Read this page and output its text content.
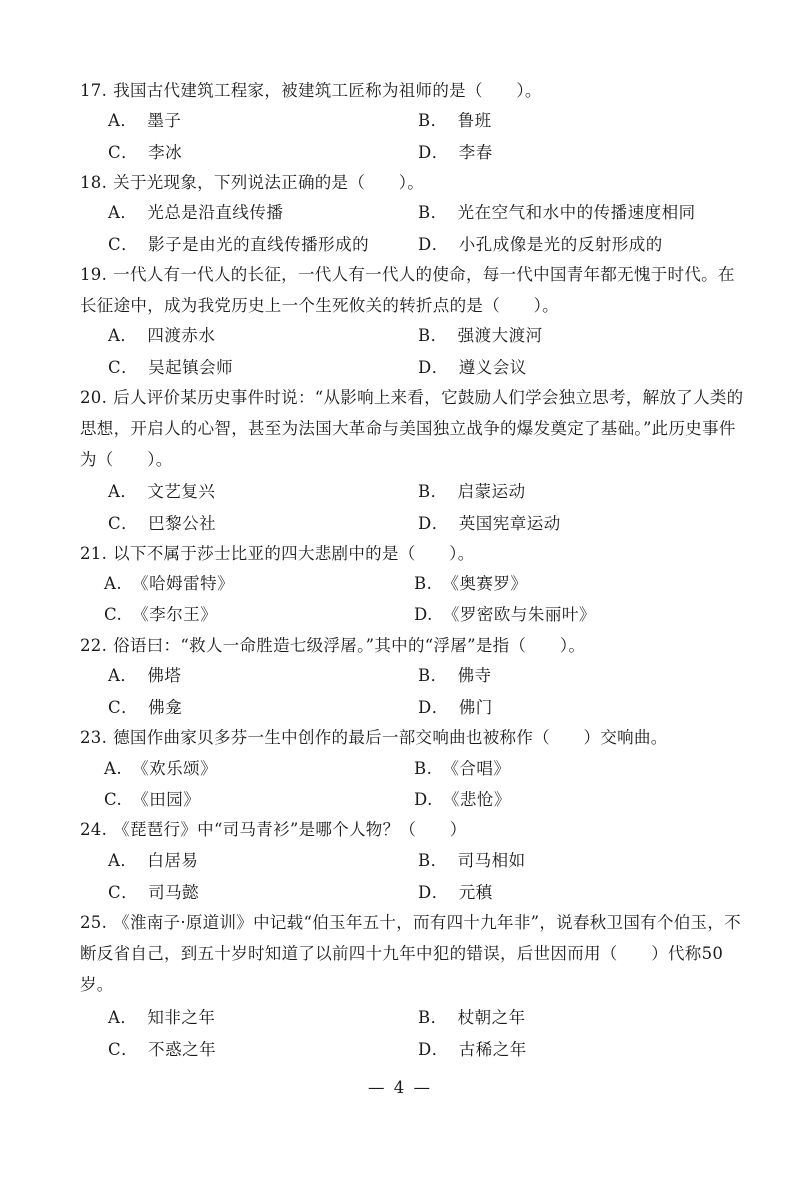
17. 我国古代建筑工程家，被建筑工匠称为祖师的是（　　）。
A． 墨子	B． 鲁班
C． 李冰	D． 李春
18. 关于光现象，下列说法正确的是（　　）。
A． 光总是沿直线传播	B． 光在空气和水中的传播速度相同
C． 影子是由光的直线传播形成的	D． 小孔成像是光的反射形成的
19. 一代人有一代人的长征，一代人有一代人的使命，每一代中国青年都无愧于时代。在长征途中，成为我党历史上一个生死攸关的转折点的是（　　）。
A． 四渡赤水	B． 强渡大渡河
C． 吴起镇会师	D． 遵义会议
20. 后人评价某历史事件时说：“从影响上来看，它鼓励人们学会独立思考，解放了人类的思想，开启人的心智，甚至为法国大革命与美国独立战争的爆发奠定了基础。”此历史事件为（　　）。
A． 文艺复兴	B． 启蒙运动
C． 巴黎公社	D． 英国宪章运动
21. 以下不属于莎士比亚的四大悲剧中的是（　　）。
A. 《哈姆雷特》	B. 《奥赛罗》
C. 《李尔王》	D. 《罗密欧与朱丽叶》
22. 俗语曰：“救人一命胜造七级浮屠。”其中的“浮屠”是指（　　）。
A． 佛塔	B． 佛寺
C． 佛龛	D． 佛门
23. 德国作曲家贝多芬一生中创作的最后一部交响曲也被称作（　　）交响曲。
A. 《欢乐颂》	B. 《合唱》
C. 《田园》	D. 《悲怆》
24. 《琵琶行》中“司马青衫”是哪个人物？（　　）
A． 白居易	B． 司马相如
C． 司马懿	D． 元稹
25. 《淮南子·原道训》中记载“伯玉年五十，而有四十九年非”，说春秋卫国有个伯玉，不断反省自己，到五十岁时知道了以前四十九年中犯的错误，后世因而用（　　）代称50岁。
A． 知非之年	B． 杖朝之年
C． 不惑之年	D． 古稀之年
— 4 —
